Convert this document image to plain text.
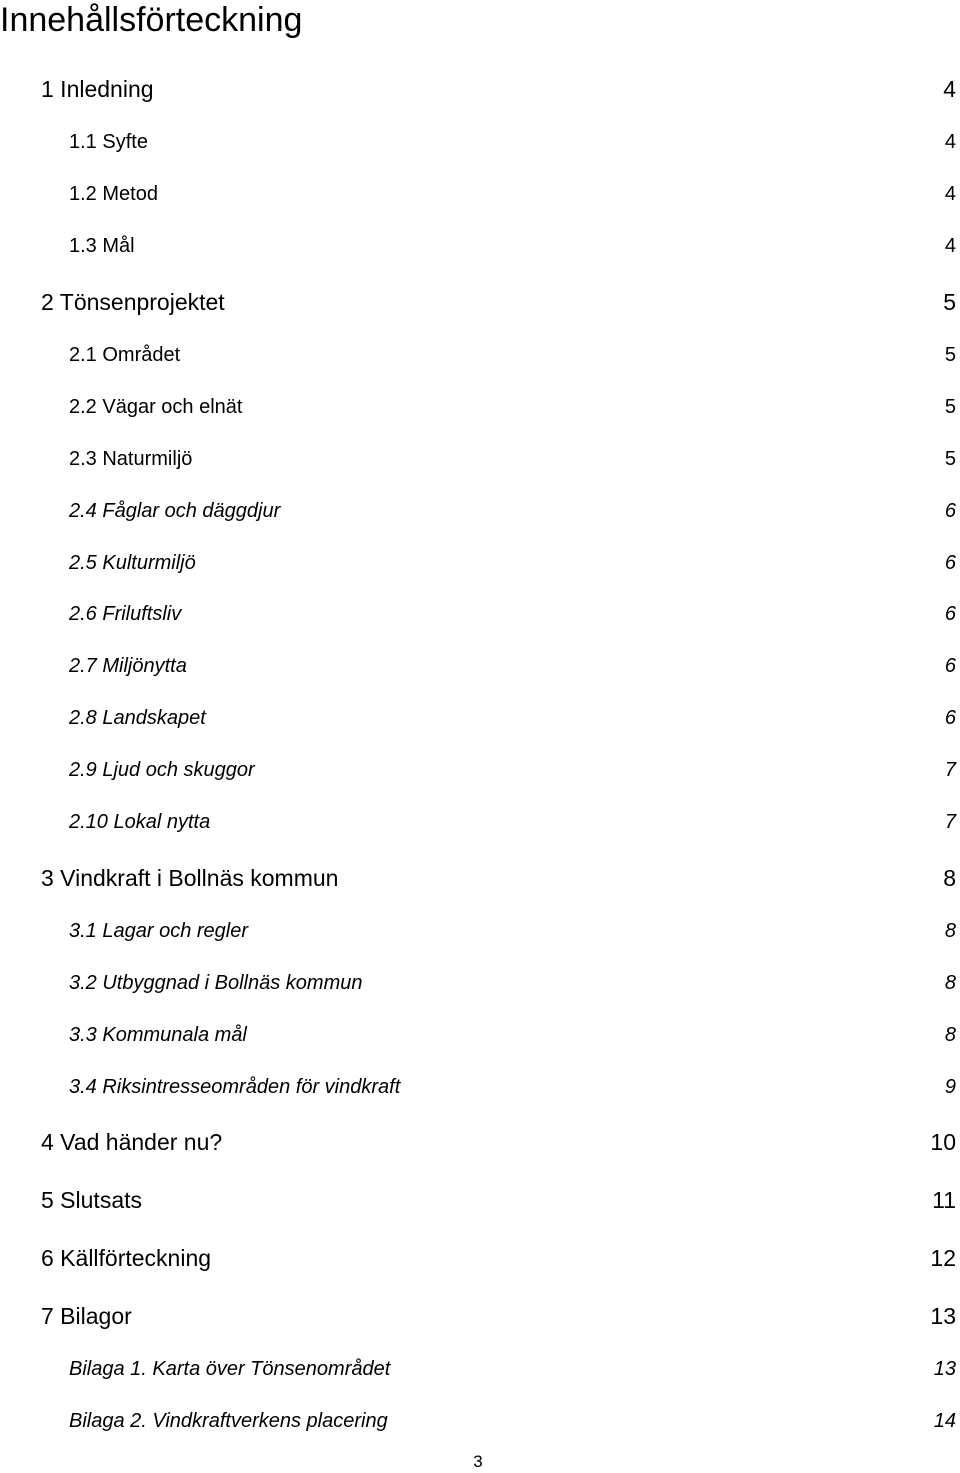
Innehållsförteckning
1 Inledning	4
1.1 Syfte	4
1.2 Metod	4
1.3 Mål	4
2 Tönsenprojektet	5
2.1 Området	5
2.2 Vägar och elnät	5
2.3 Naturmiljö	5
2.4 Fåglar och däggdjur	6
2.5 Kulturmiljö	6
2.6 Friluftsliv	6
2.7 Miljönytta	6
2.8 Landskapet	6
2.9 Ljud och skuggor	7
2.10 Lokal nytta	7
3 Vindkraft i Bollnäs kommun	8
3.1 Lagar och regler	8
3.2 Utbyggnad i Bollnäs kommun	8
3.3 Kommunala mål	8
3.4 Riksintresseområden för vindkraft	9
4 Vad händer nu?	10
5 Slutsats	11
6 Källförteckning	12
7 Bilagor	13
Bilaga 1. Karta över Tönsenområdet	13
Bilaga 2. Vindkraftverkens placering	14
3
